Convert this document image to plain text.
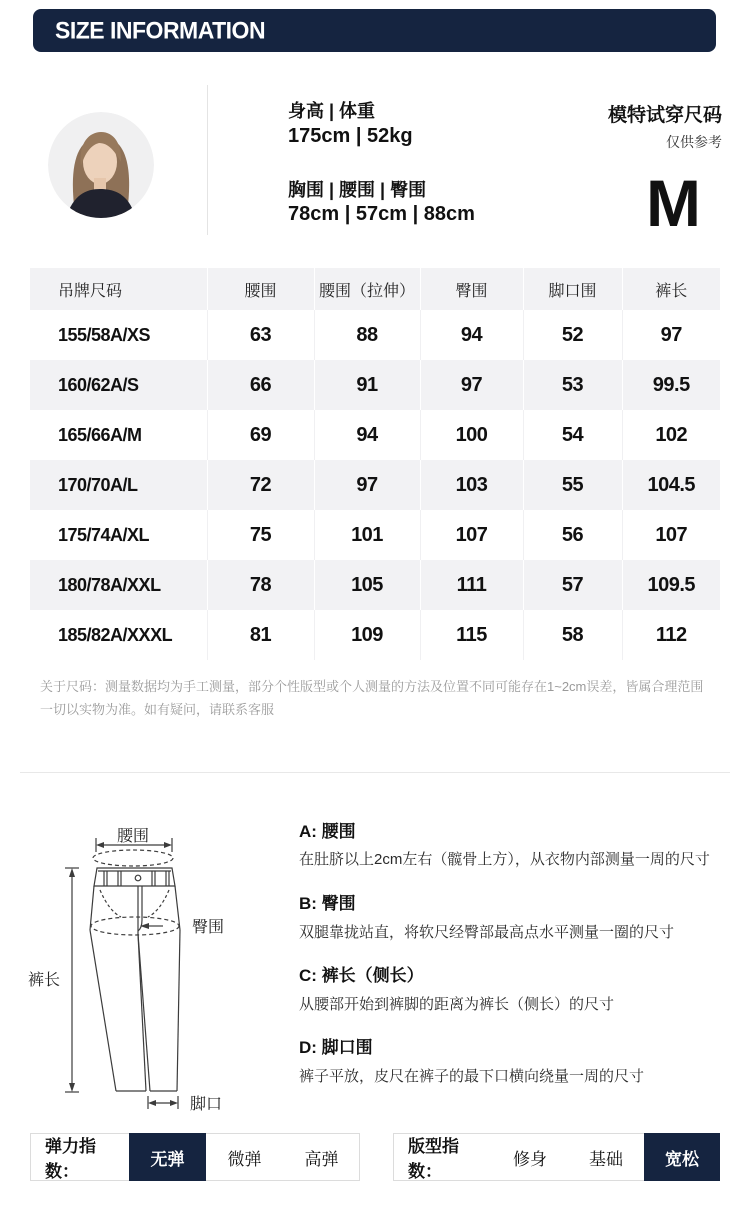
SIZE INFORMATION
身高 | 体重
175cm | 52kg
胸围 | 腰围 | 臀围
78cm | 57cm | 88cm
模特试穿尺码
仅供参考
M
吊牌尺码	腰围	腰围（拉伸）	臀围	脚口围	裤长
155/58A/XS	63	88	94	52	97
160/62A/S	66	91	97	53	99.5
165/66A/M	69	94	100	54	102
170/70A/L	72	97	103	55	104.5
175/74A/XL	75	101	107	56	107
180/78A/XXL	78	105	111	57	109.5
185/82A/XXXL	81	109	115	58	112
关于尺码：测量数据均为手工测量，部分个性版型或个人测量的方法及位置不同可能存在1~2cm误差，皆属合理范围一切以实物为准。如有疑问，请联系客服
腰围
臀围
裤长
脚口
A: 腰围
在肚脐以上2cm左右（髋骨上方），从衣物内部测量一周的尺寸
B: 臀围
双腿靠拢站直，将软尺经臀部最高点水平测量一圈的尺寸
C: 裤长（侧长）
从腰部开始到裤脚的距离为裤长（侧长）的尺寸
D: 脚口围
裤子平放，皮尺在裤子的最下口横向绕量一周的尺寸
弹力指数：
无弹	微弹	高弹
版型指数：
修身	基础	宽松
